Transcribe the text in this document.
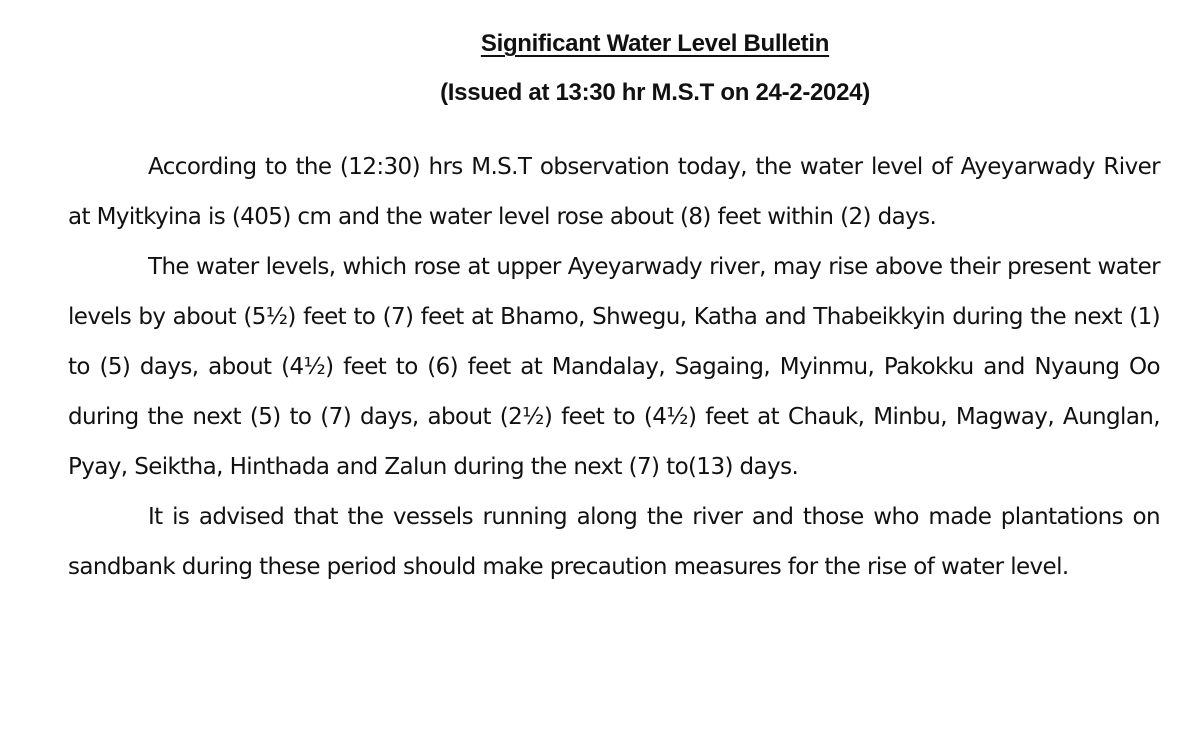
Significant Water Level Bulletin
(Issued at 13:30 hr M.S.T on 24-2-2024)

According to the (12:30) hrs M.S.T observation today, the water level of Ayeyarwady River at Myitkyina is (405) cm and the water level rose about (8) feet within (2) days.

The water levels, which rose at upper Ayeyarwady river, may rise above their present water levels by about (5½) feet to (7) feet at Bhamo, Shwegu, Katha and Thabeikkyin during the next (1) to (5) days, about (4½) feet to (6) feet at Mandalay, Sagaing, Myinmu, Pakokku and Nyaung Oo during the next (5) to (7) days, about (2½) feet to (4½) feet at Chauk, Minbu, Magway, Aunglan, Pyay, Seiktha, Hinthada and Zalun during the next (7) to(13) days.

It is advised that the vessels running along the river and those who made plantations on sandbank during these period should make precaution measures for the rise of water level.
